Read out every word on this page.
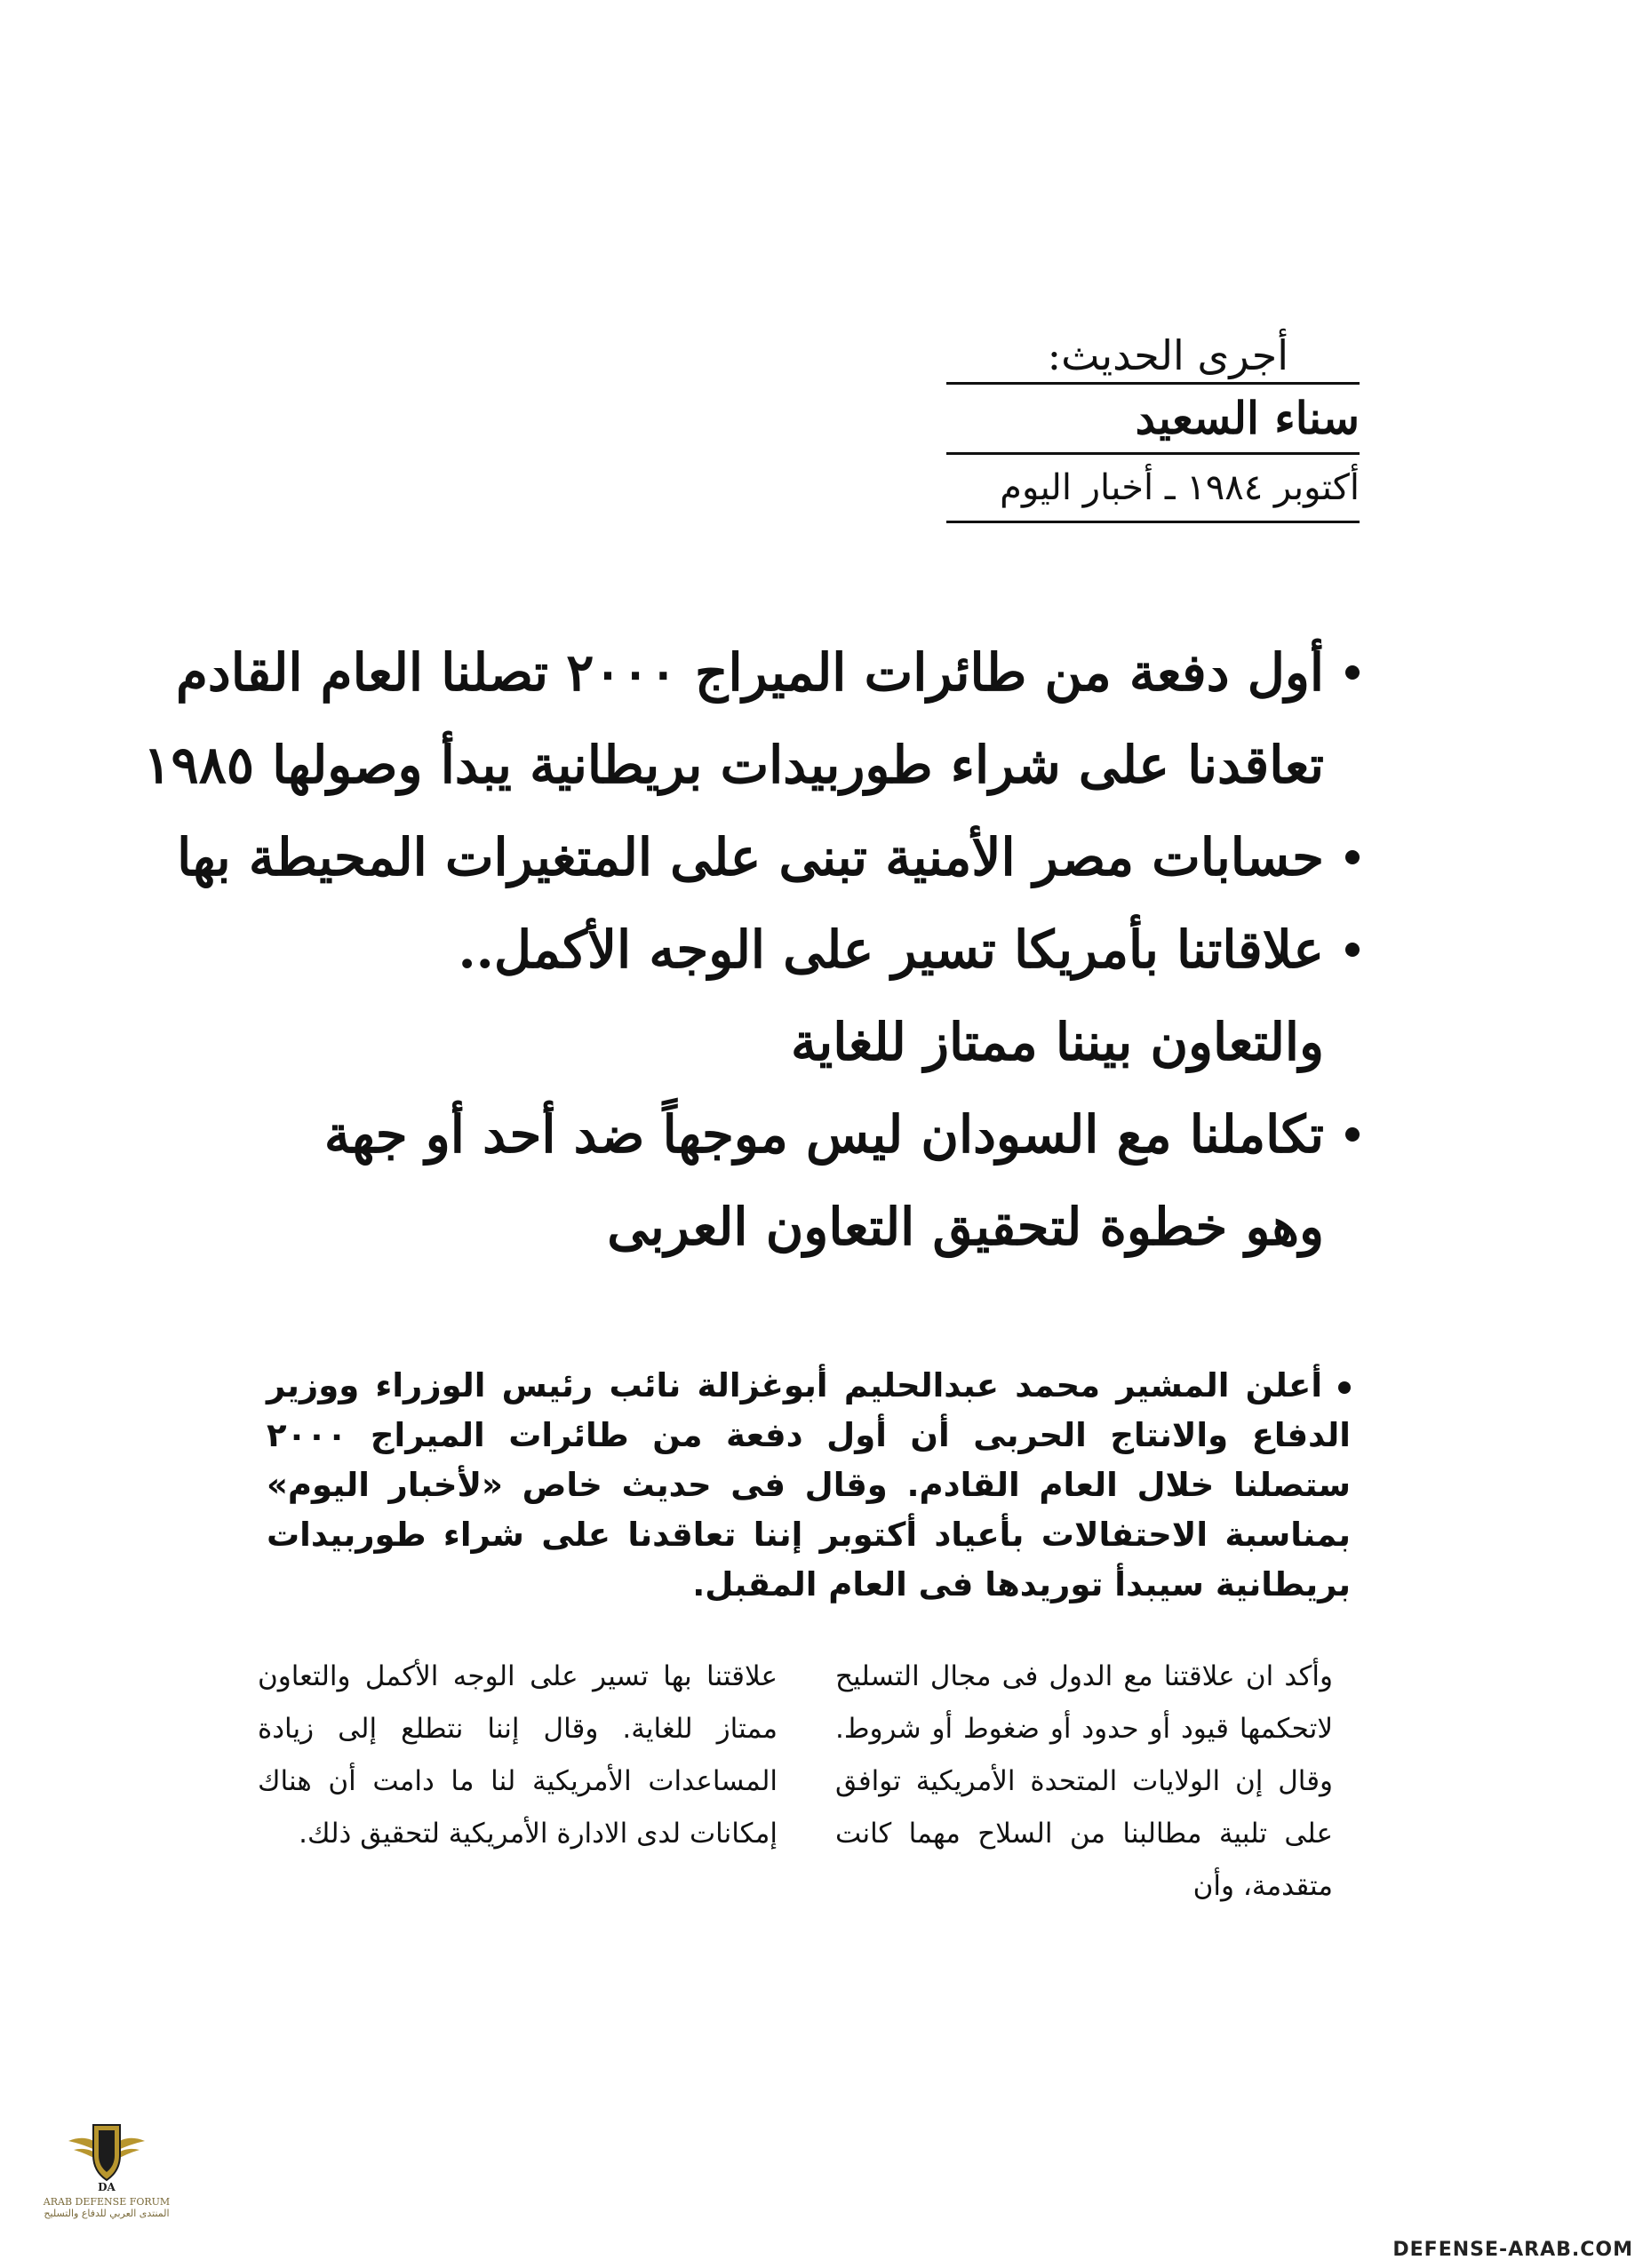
أجرى الحديث:
سناء السعيد
أكتوبر ١٩٨٤ ـ أخبار اليوم
أول دفعة من طائرات الميراج ٢٠٠٠ تصلنا العام القادم
تعاقدنا على شراء طوربيدات بريطانية يبدأ وصولها ١٩٨٥
حسابات مصر الأمنية تبنى على المتغيرات المحيطة بها
علاقاتنا بأمريكا تسير على الوجه الأكمل..
والتعاون بيننا ممتاز للغاية
تكاملنا مع السودان ليس موجهاً ضد أحد أو جهة
وهو خطوة لتحقيق التعاون العربى

أعلن المشير محمد عبدالحليم أبوغزالة نائب رئيس الوزراء ووزير الدفاع والانتاج الحربى أن أول دفعة من طائرات الميراج ٢٠٠٠ ستصلنا خلال العام القادم. وقال فى حديث خاص «لأخبار اليوم» بمناسبة الاحتفالات بأعياد أكتوبر إننا تعاقدنا على شراء طوربيدات بريطانية سيبدأ توريدها فى العام المقبل.

وأكد ان علاقتنا مع الدول فى مجال التسليح لاتحكمها قيود أو حدود أو ضغوط أو شروط. وقال إن الولايات المتحدة الأمريكية توافق على تلبية مطالبنا من السلاح مهما كانت متقدمة، وأن

علاقتنا بها تسير على الوجه الأكمل والتعاون ممتاز للغاية. وقال إننا نتطلع إلى زيادة المساعدات الأمريكية لنا ما دامت أن هناك إمكانات لدى الادارة الأمريكية لتحقيق ذلك.

DA
ARAB DEFENSE FORUM
المنتدى العربي للدفاع والتسليح
DEFENSE-ARAB.COM
